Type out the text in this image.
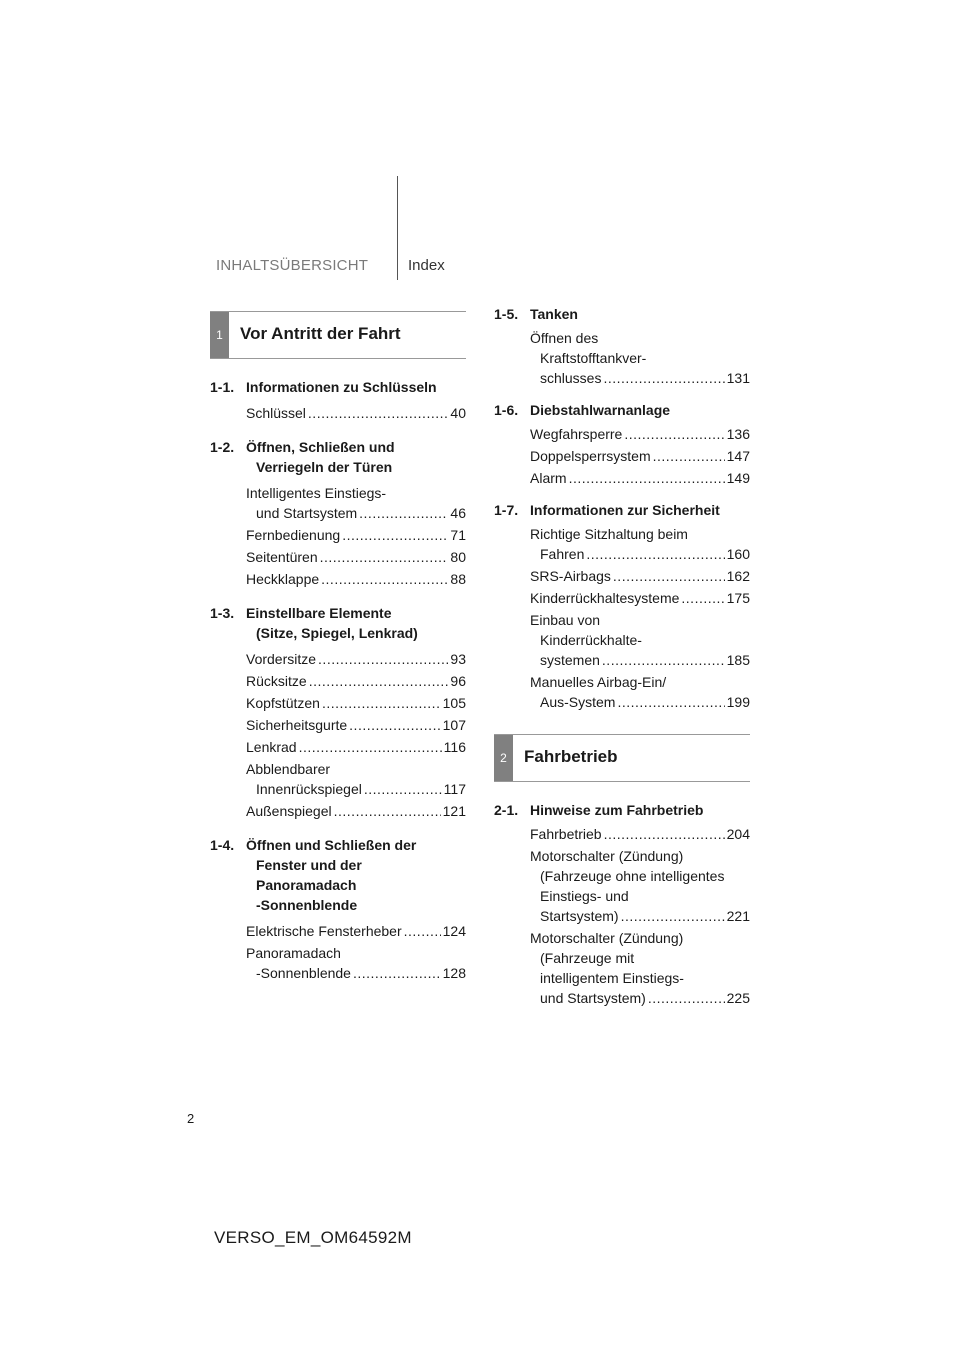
INHALTSÜBERSICHT	Index
1	Vor Antritt der Fahrt
1-1. Informationen zu Schlüsseln
Schlüssel .....	40
1-2. Öffnen, Schließen und
Verriegeln der Türen
Intelligentes Einstiegs-
und Startsystem .....	46
Fernbedienung .....	71
Seitentüren .....	80
Heckklappe .....	88
1-3. Einstellbare Elemente
(Sitze, Spiegel, Lenkrad)
Vordersitze .....	93
Rücksitze .....	96
Kopfstützen .....	105
Sicherheitsgurte .....	107
Lenkrad .....	116
Abblendbarer
Innenrückspiegel .....	117
Außenspiegel .....	121
1-4. Öffnen und Schließen der
Fenster und der
Panoramadach
-Sonnenblende
Elektrische Fensterheber .....	124
Panoramadach
-Sonnenblende .....	128
1-5. Tanken
Öffnen des
Kraftstofftankver-
schlusses .....	131
1-6. Diebstahlwarnanlage
Wegfahrsperre .....	136
Doppelsperrsystem .....	147
Alarm .....	149
1-7. Informationen zur Sicherheit
Richtige Sitzhaltung beim
Fahren .....	160
SRS-Airbags .....	162
Kinderrückhaltesysteme .....	175
Einbau von
Kinderrückhalte-
systemen .....	185
Manuelles Airbag-Ein/
Aus-System .....	199
2	Fahrbetrieb
2-1. Hinweise zum Fahrbetrieb
Fahrbetrieb .....	204
Motorschalter (Zündung)
(Fahrzeuge ohne intelligentes
Einstiegs- und
Startsystem) .....	221
Motorschalter (Zündung)
(Fahrzeuge mit
intelligentem Einstiegs-
und Startsystem) .....	225
2
VERSO_EM_OM64592M
